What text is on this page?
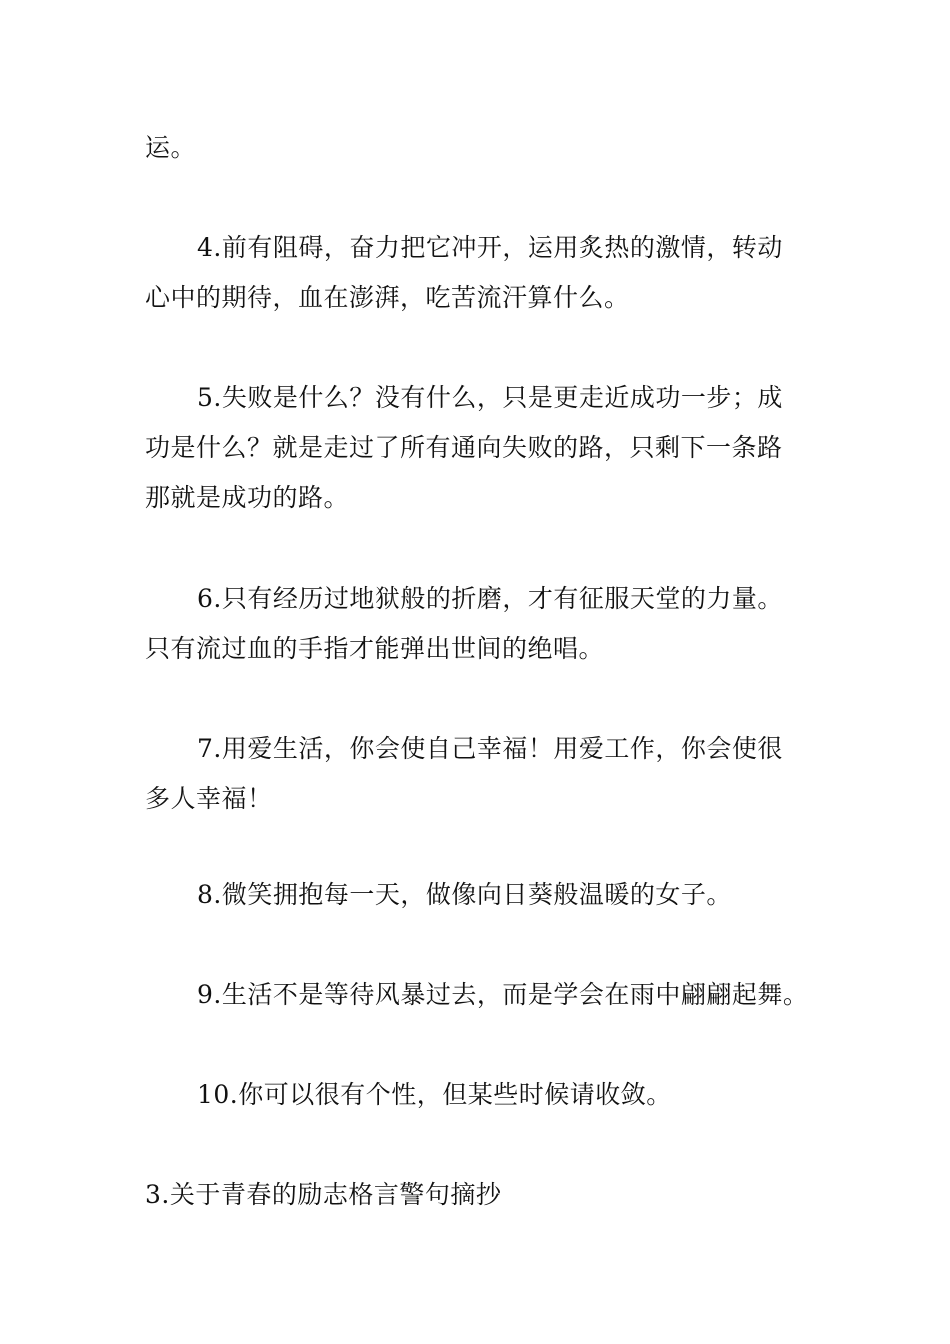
运。
4.前有阻碍，奋力把它冲开，运用炙热的激情，转动
心中的期待，血在澎湃，吃苦流汗算什么。
5.失败是什么？没有什么，只是更走近成功一步；成
功是什么？就是走过了所有通向失败的路，只剩下一条路
那就是成功的路。
6.只有经历过地狱般的折磨，才有征服天堂的力量。
只有流过血的手指才能弹出世间的绝唱。
7.用爱生活，你会使自己幸福！用爱工作，你会使很
多人幸福！
8.微笑拥抱每一天，做像向日葵般温暖的女子。
9.生活不是等待风暴过去，而是学会在雨中翩翩起舞。
10.你可以很有个性，但某些时候请收敛。
3.关于青春的励志格言警句摘抄
